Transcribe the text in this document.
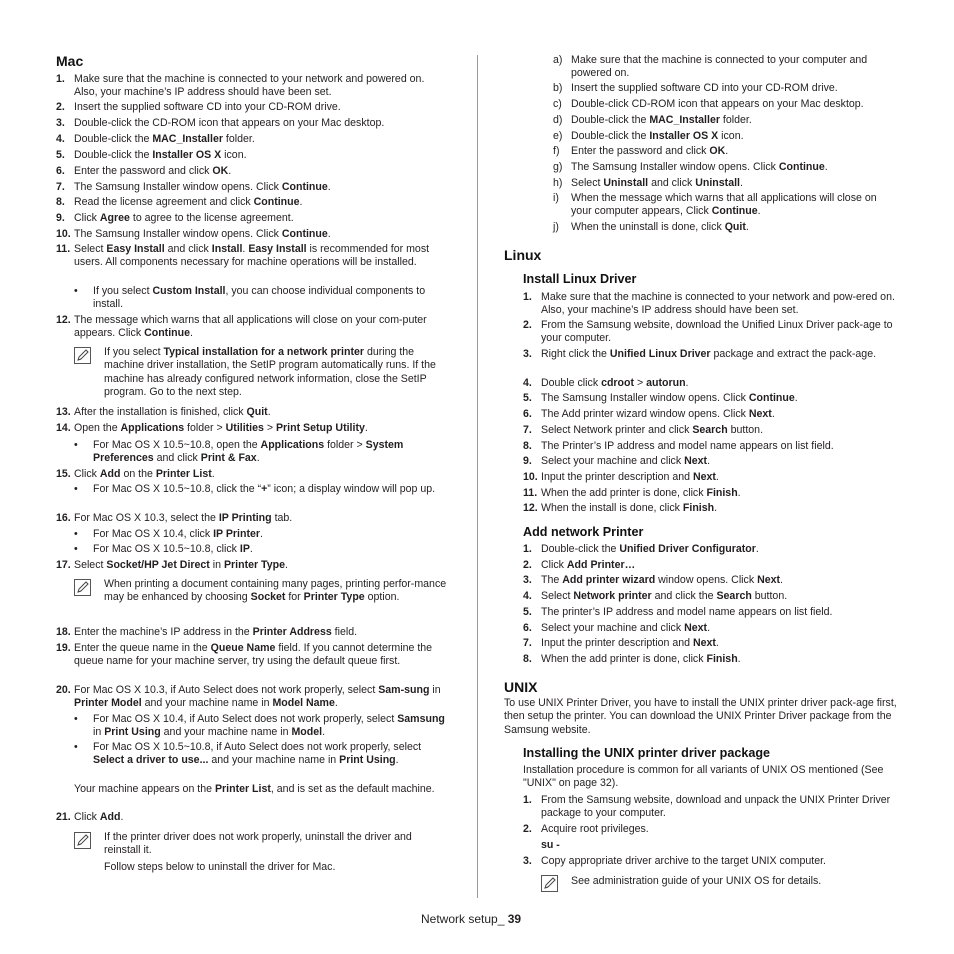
Mac
1. Make sure that the machine is connected to your network and powered on. Also, your machine’s IP address should have been set.
2. Insert the supplied software CD into your CD-ROM drive.
3. Double-click the CD-ROM icon that appears on your Mac desktop.
4. Double-click the MAC_Installer folder.
5. Double-click the Installer OS X icon.
6. Enter the password and click OK.
7. The Samsung Installer window opens. Click Continue.
8. Read the license agreement and click Continue.
9. Click Agree to agree to the license agreement.
10. The Samsung Installer window opens. Click Continue.
11. Select Easy Install and click Install. Easy Install is recommended for most users. All components necessary for machine operations will be installed.
• If you select Custom Install, you can choose individual components to install.
12. The message which warns that all applications will close on your com-puter appears. Click Continue.
If you select Typical installation for a network printer during the machine driver installation, the SetIP program automatically runs. If the machine has already configured network information, close the SetIP program. Go to the next step.
13. After the installation is finished, click Quit.
14. Open the Applications folder > Utilities > Print Setup Utility.
• For Mac OS X 10.5~10.8, open the Applications folder > System Preferences and click Print & Fax.
15. Click Add on the Printer List.
• For Mac OS X 10.5~10.8, click the “+” icon; a display window will pop up.
16. For Mac OS X 10.3, select the IP Printing tab.
• For Mac OS X 10.4, click IP Printer.
• For Mac OS X 10.5~10.8, click IP.
17. Select Socket/HP Jet Direct in Printer Type.
When printing a document containing many pages, printing perfor-mance may be enhanced by choosing Socket for Printer Type option.
18. Enter the machine’s IP address in the Printer Address field.
19. Enter the queue name in the Queue Name field. If you cannot determine the queue name for your machine server, try using the default queue first.
20. For Mac OS X 10.3, if Auto Select does not work properly, select Sam-sung in Printer Model and your machine name in Model Name.
• For Mac OS X 10.4, if Auto Select does not work properly, select Samsung in Print Using and your machine name in Model.
• For Mac OS X 10.5~10.8, if Auto Select does not work properly, select Select a driver to use... and your machine name in Print Using.
Your machine appears on the Printer List, and is set as the default machine.
21. Click Add.
If the printer driver does not work properly, uninstall the driver and reinstall it.
Follow steps below to uninstall the driver for Mac.
a) Make sure that the machine is connected to your computer and powered on.
b) Insert the supplied software CD into your CD-ROM drive.
c) Double-click CD-ROM icon that appears on your Mac desktop.
d) Double-click the MAC_Installer folder.
e) Double-click the Installer OS X icon.
f) Enter the password and click OK.
g) The Samsung Installer window opens. Click Continue.
h) Select Uninstall and click Uninstall.
i) When the message which warns that all applications will close on your computer appears, Click Continue.
j) When the uninstall is done, click Quit.
Linux
Install Linux Driver
1. Make sure that the machine is connected to your network and pow-ered on. Also, your machine’s IP address should have been set.
2. From the Samsung website, download the Unified Linux Driver pack-age to your computer.
3. Right click the Unified Linux Driver package and extract the pack-age.
4. Double click cdroot > autorun.
5. The Samsung Installer window opens. Click Continue.
6. The Add printer wizard window opens. Click Next.
7. Select Network printer and click Search button.
8. The Printer’s IP address and model name appears on list field.
9. Select your machine and click Next.
10. Input the printer description and Next.
11. When the add printer is done, click Finish.
12. When the install is done, click Finish.
Add network Printer
1. Double-click the Unified Driver Configurator.
2. Click Add Printer…
3. The Add printer wizard window opens. Click Next.
4. Select Network printer and click the Search button.
5. The printer’s IP address and model name appears on list field.
6. Select your machine and click Next.
7. Input the printer description and Next.
8. When the add printer is done, click Finish.
UNIX
To use UNIX Printer Driver, you have to install the UNIX printer driver pack-age first, then setup the printer. You can download the UNIX Printer Driver package from the Samsung website.
Installing the UNIX printer driver package
Installation procedure is common for all variants of UNIX OS mentioned (See "UNIX" on page 32).
1. From the Samsung website, download and unpack the UNIX Printer Driver package to your computer.
2. Acquire root privileges.
su -
3. Copy appropriate driver archive to the target UNIX computer.
See administration guide of your UNIX OS for details.
Network setup_ 39
